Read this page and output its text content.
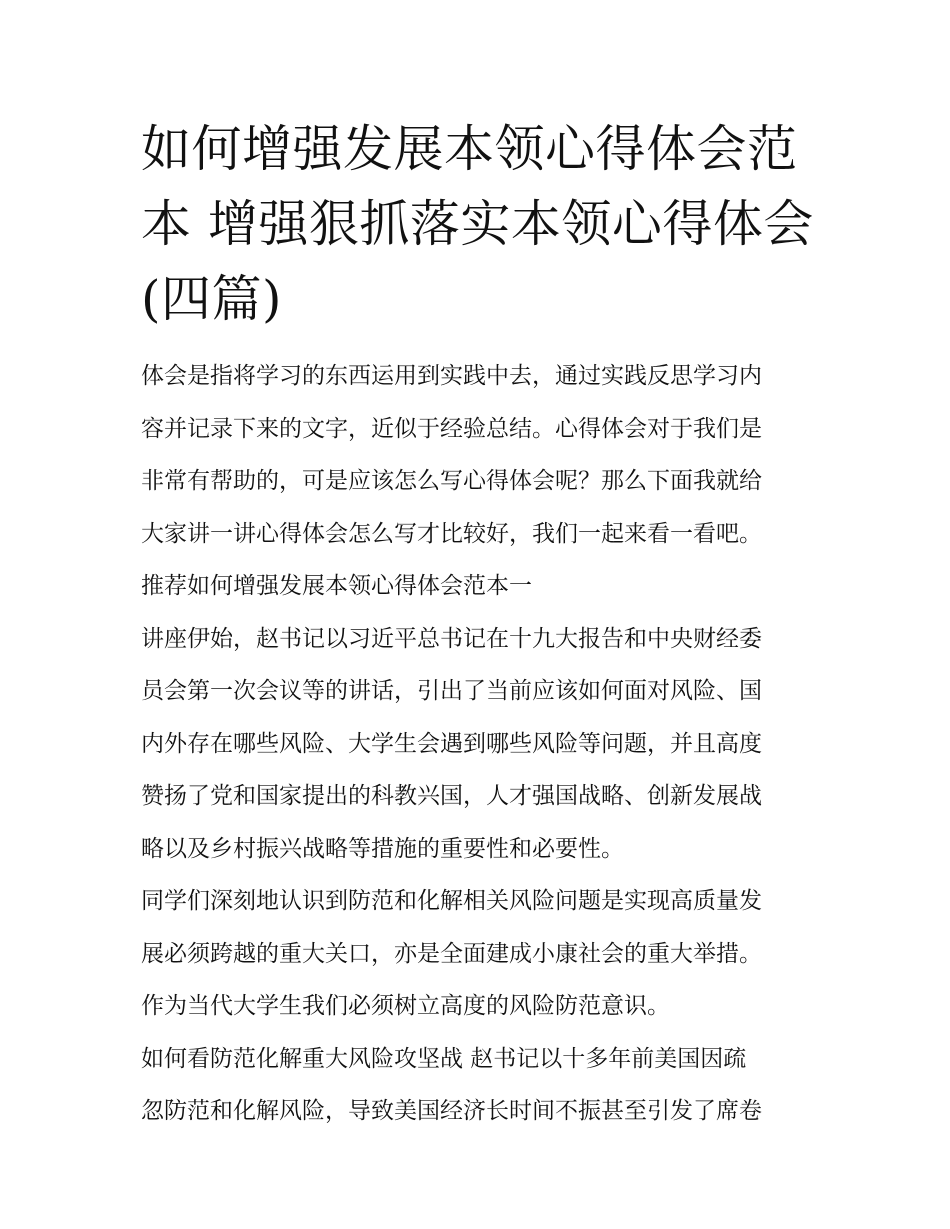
如何增强发展本领心得体会范
本 增强狠抓落实本领心得体会
(四篇)
体会是指将学习的东西运用到实践中去，通过实践反思学习内
容并记录下来的文字，近似于经验总结。心得体会对于我们是
非常有帮助的，可是应该怎么写心得体会呢？那么下面我就给
大家讲一讲心得体会怎么写才比较好，我们一起来看一看吧。
推荐如何增强发展本领心得体会范本一
讲座伊始，赵书记以习近平总书记在十九大报告和中央财经委
员会第一次会议等的讲话，引出了当前应该如何面对风险、国
内外存在哪些风险、大学生会遇到哪些风险等问题，并且高度
赞扬了党和国家提出的科教兴国，人才强国战略、创新发展战
略以及乡村振兴战略等措施的重要性和必要性。
同学们深刻地认识到防范和化解相关风险问题是实现高质量发
展必须跨越的重大关口，亦是全面建成小康社会的重大举措。
作为当代大学生我们必须树立高度的风险防范意识。
如何看防范化解重大风险攻坚战 赵书记以十多年前美国因疏
忽防范和化解风险，导致美国经济长时间不振甚至引发了席卷
